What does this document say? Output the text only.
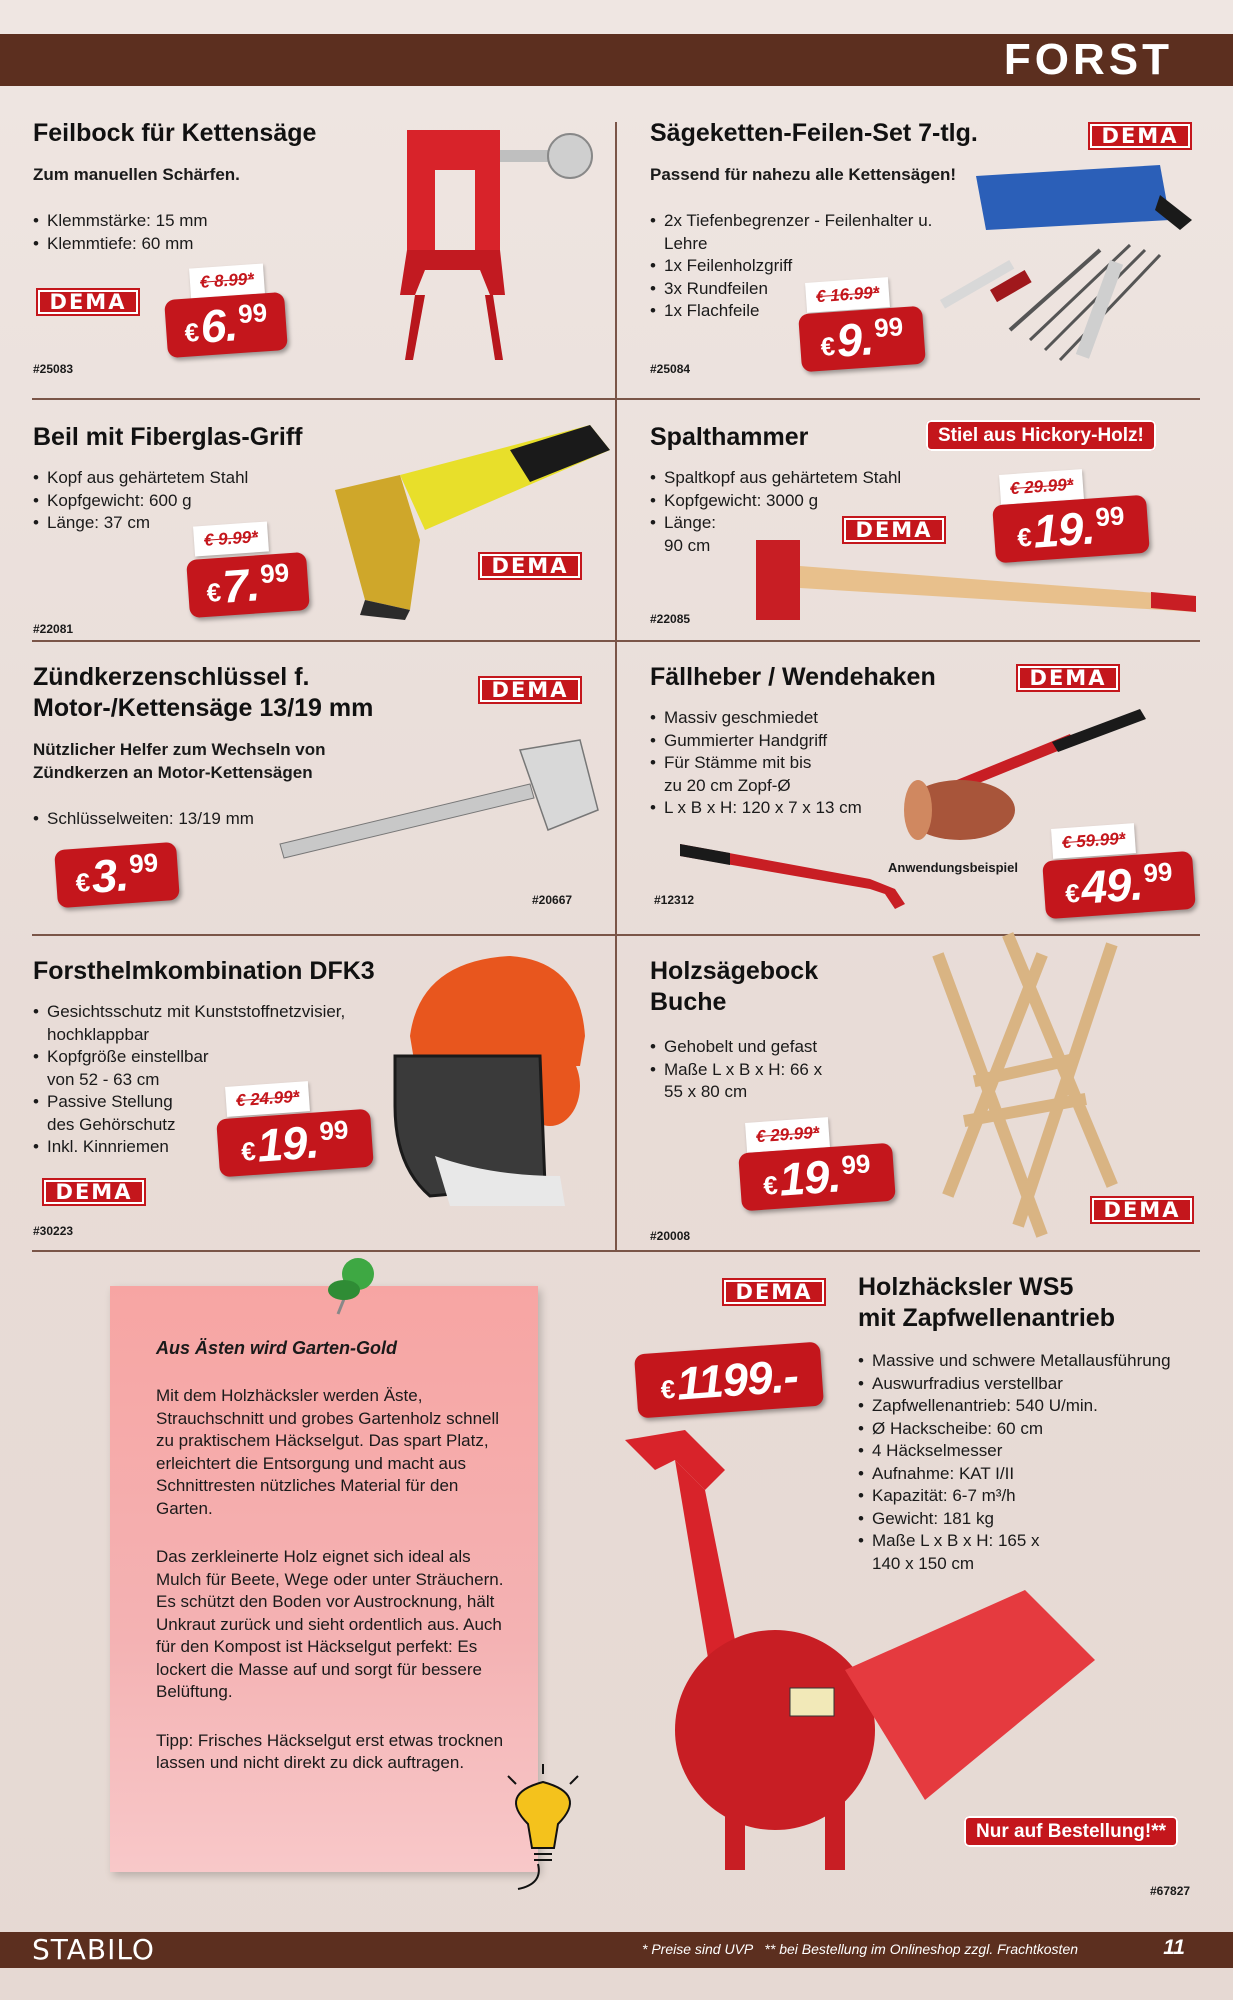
FORST
Feilbock für Kettensäge
Zum manuellen Schärfen.
• Klemmstärke: 15 mm
• Klemmtiefe: 60 mm
DEMA
€ 8.99*
€
6.
99
#25083
Sägeketten-Feilen-Set 7-tlg.
Passend für nahezu alle Kettensägen!
• 2x Tiefenbegrenzer - Feilenhalter u. Lehre
• 1x Feilenholzgriff
• 3x Rundfeilen
• 1x Flachfeile
DEMA
€ 16.99*
€
9.
99
#25084
Beil mit Fiberglas-Griff
• Kopf aus gehärtetem Stahl
• Kopfgewicht: 600 g
• Länge: 37 cm
€ 9.99*
€
7.
99	DEMA
#22081
Spalthammer
• Spaltkopf aus gehärtetem Stahl
• Kopfgewicht: 3000 g
• Länge: 90 cm
Stiel aus Hickory-Holz!
DEMA
€ 29.99*
€
19.
99
#22085
Zündkerzenschlüssel f.
Motor-/Kettensäge 13/19 mm
Nützlicher Helfer zum Wechseln von Zündkerzen an Motor-Kettensägen
• Schlüsselweiten: 13/19 mm
DEMA
€
3.
99
#20667
Fällheber / Wendehaken
• Massiv geschmiedet
• Gummierter Handgriff
• Für Stämme mit bis zu 20 cm Zopf-Ø
• L x B x H: 120 x 7 x 13 cm
DEMA
Anwendungsbeispiel
€ 59.99*
€
49.
99
#12312
Forsthelmkombination DFK3
• Gesichtsschutz mit Kunststoffnetzvisier, hochklappbar
• Kopfgröße einstellbar von 52 - 63 cm
• Passive Stellung des Gehörschutz
• Inkl. Kinnriemen
DEMA
€ 24.99*
€
19.
99
#30223
Holzsägebock
Buche
• Gehobelt und gefast
• Maße L x B x H: 66 x 55 x 80 cm
€ 29.99*
€
19.
99
DEMA
#20008
Aus Ästen wird Garten-Gold

Mit dem Holzhäcksler werden Äste, Strauchschnitt und grobes Gartenholz schnell zu praktischem Häckselgut. Das spart Platz, erleichtert die Entsorgung und macht aus Schnittresten nützliches Material für den Garten.

Das zerkleinerte Holz eignet sich ideal als Mulch für Beete, Wege oder unter Sträuchern. Es schützt den Boden vor Austrocknung, hält Unkraut zurück und sieht ordentlich aus. Auch für den Kompost ist Häckselgut perfekt: Es lockert die Masse auf und sorgt für bessere Belüftung.

Tipp: Frisches Häckselgut erst etwas trocknen lassen und nicht direkt zu dick auftragen.

DEMA
€
1199.-
Holzhäcksler WS5
mit Zapfwellenantrieb
• Massive und schwere Metallausführung
• Auswurfradius verstellbar
• Zapfwellenantrieb: 540 U/min.
• Ø Hackscheibe: 60 cm
• 4 Häckselmesser
• Aufnahme: KAT I/II
• Kapazität: 6-7 m³/h
• Gewicht: 181 kg
• Maße L x B x H: 165 x 140 x 150 cm
Nur auf Bestellung!**
#67827
STABILO	* Preise sind UVP   ** bei Bestellung im Onlineshop zzgl. Frachtkosten	11
